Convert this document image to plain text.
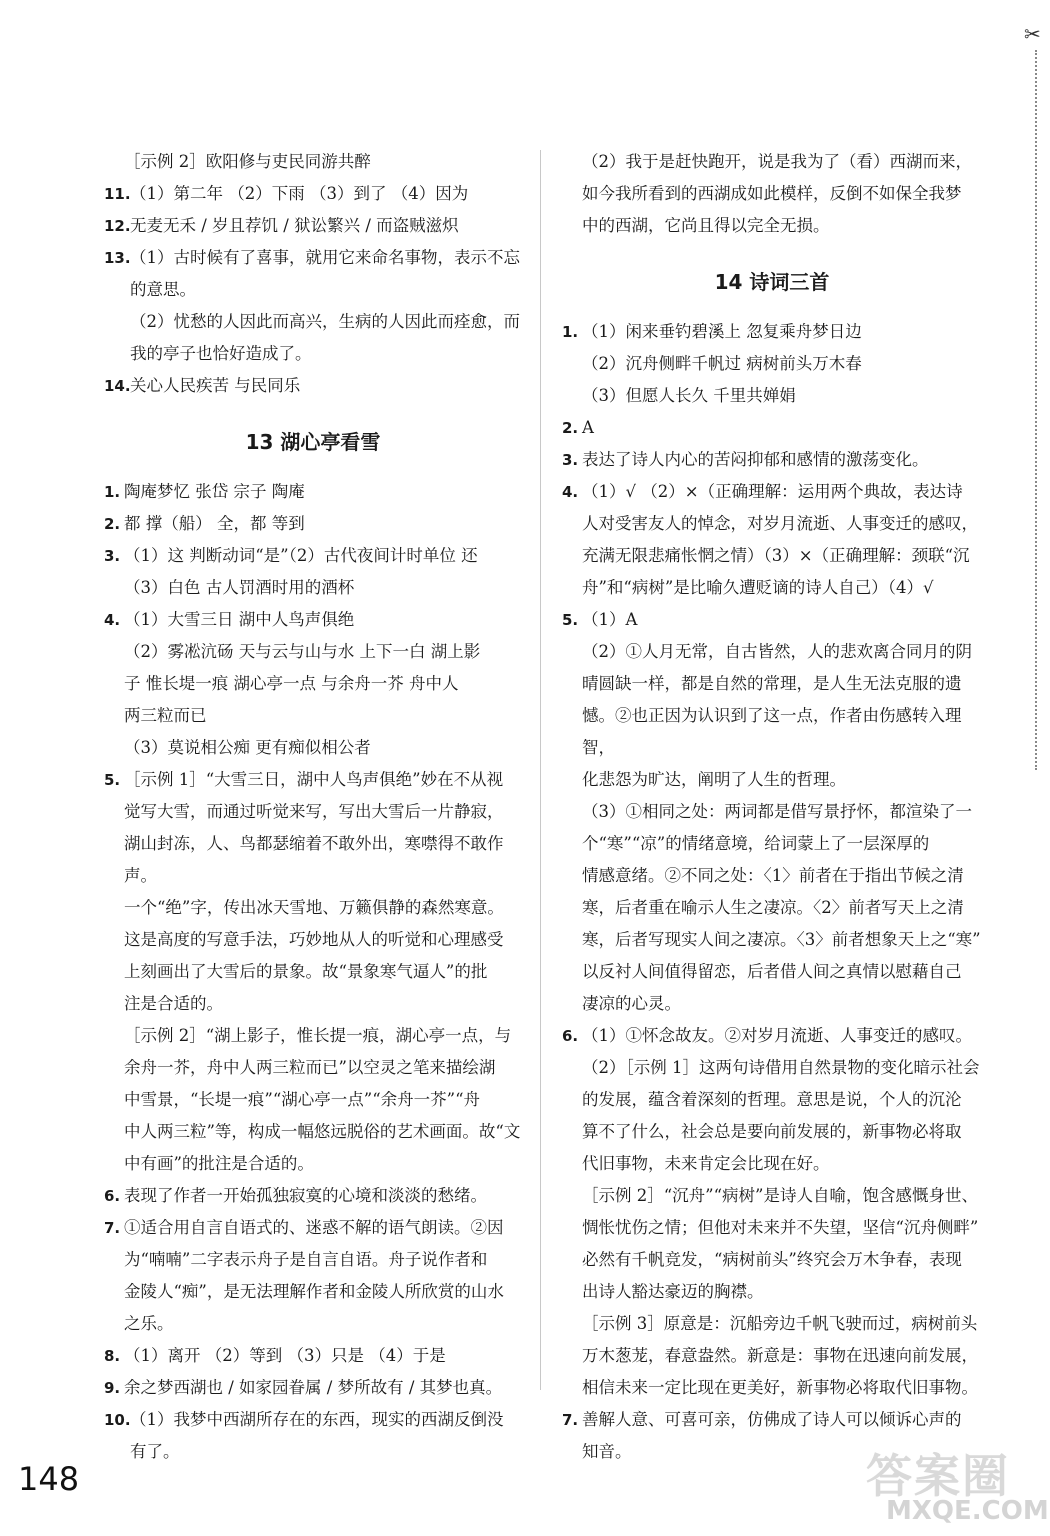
✂
［示例 2］欧阳修与吏民同游共醉
11. （1）第二年 （2）下雨 （3）到了 （4）因为
12. 无麦无禾 / 岁且荐饥 / 狱讼繁兴 / 而盗贼滋炽
13. （1）古时候有了喜事，就用它来命名事物，表示不忘
的意思。
（2）忧愁的人因此而高兴，生病的人因此而痊愈，而
我的亭子也恰好造成了。
14. 关心人民疾苦 与民同乐
13 湖心亭看雪
1. 陶庵梦忆 张岱 宗子 陶庵
2. 都 撑（船） 全，都 等到
3. （1）这 判断动词“是”（2）古代夜间计时单位 还
（3）白色 古人罚酒时用的酒杯
4. （1）大雪三日 湖中人鸟声俱绝
（2）雾凇沆砀 天与云与山与水 上下一白 湖上影
子 惟长堤一痕 湖心亭一点 与余舟一芥 舟中人
两三粒而已
（3）莫说相公痴 更有痴似相公者
5. ［示例 1］“大雪三日，湖中人鸟声俱绝”妙在不从视
觉写大雪，而通过听觉来写，写出大雪后一片静寂，
湖山封冻，人、鸟都瑟缩着不敢外出，寒噤得不敢作声。
一个“绝”字，传出冰天雪地、万籁俱静的森然寒意。
这是高度的写意手法，巧妙地从人的听觉和心理感受
上刻画出了大雪后的景象。故“景象寒气逼人”的批
注是合适的。
［示例 2］“湖上影子，惟长提一痕，湖心亭一点，与
余舟一芥，舟中人两三粒而已”以空灵之笔来描绘湖
中雪景，“长堤一痕”“湖心亭一点”“余舟一芥”“舟
中人两三粒”等，构成一幅悠远脱俗的艺术画面。故“文
中有画”的批注是合适的。
6. 表现了作者一开始孤独寂寞的心境和淡淡的愁绪。
7. ①适合用自言自语式的、迷惑不解的语气朗读。②因
为“喃喃”二字表示舟子是自言自语。舟子说作者和
金陵人“痴”，是无法理解作者和金陵人所欣赏的山水
之乐。
8. （1）离开 （2）等到 （3）只是 （4）于是
9. 余之梦西湖也 / 如家园眷属 / 梦所故有 / 其梦也真。
10. （1）我梦中西湖所存在的东西，现实的西湖反倒没
有了。
（2）我于是赶快跑开，说是我为了（看）西湖而来，
如今我所看到的西湖成如此模样，反倒不如保全我梦
中的西湖，它尚且得以完全无损。
14 诗词三首
1. （1）闲来垂钓碧溪上 忽复乘舟梦日边
（2）沉舟侧畔千帆过 病树前头万木春
（3）但愿人长久 千里共婵娟
2. A
3. 表达了诗人内心的苦闷抑郁和感情的激荡变化。
4. （1）√ （2）×（正确理解：运用两个典故，表达诗
人对受害友人的悼念，对岁月流逝、人事变迁的感叹，
充满无限悲痛怅惘之情）（3）×（正确理解：颈联“沉
舟”和“病树”是比喻久遭贬谪的诗人自己）（4）√
5. （1）A
（2）①人月无常，自古皆然，人的悲欢离合同月的阴
晴圆缺一样，都是自然的常理，是人生无法克服的遗
憾。②也正因为认识到了这一点，作者由伤感转入理智，
化悲怨为旷达，阐明了人生的哲理。
（3）①相同之处：两词都是借写景抒怀，都渲染了一
个“寒”“凉”的情绪意境，给词蒙上了一层深厚的
情感意绪。②不同之处：〈1〉前者在于指出节候之清
寒，后者重在喻示人生之凄凉。〈2〉前者写天上之清
寒，后者写现实人间之凄凉。〈3〉前者想象天上之“寒”
以反衬人间值得留恋，后者借人间之真情以慰藉自己
凄凉的心灵。
6. （1）①怀念故友。②对岁月流逝、人事变迁的感叹。
（2）［示例 1］这两句诗借用自然景物的变化暗示社会
的发展，蕴含着深刻的哲理。意思是说，个人的沉沦
算不了什么，社会总是要向前发展的，新事物必将取
代旧事物，未来肯定会比现在好。
［示例 2］“沉舟”“病树”是诗人自喻，饱含感慨身世、
惆怅忧伤之情；但他对未来并不失望，坚信“沉舟侧畔”
必然有千帆竞发，“病树前头”终究会万木争春，表现
出诗人豁达豪迈的胸襟。
［示例 3］原意是：沉船旁边千帆飞驶而过，病树前头
万木葱茏，春意盎然。新意是：事物在迅速向前发展，
相信未来一定比现在更美好，新事物必将取代旧事物。
7. 善解人意、可喜可亲，仿佛成了诗人可以倾诉心声的
知音。
148	答案圈
MXQE.COM
